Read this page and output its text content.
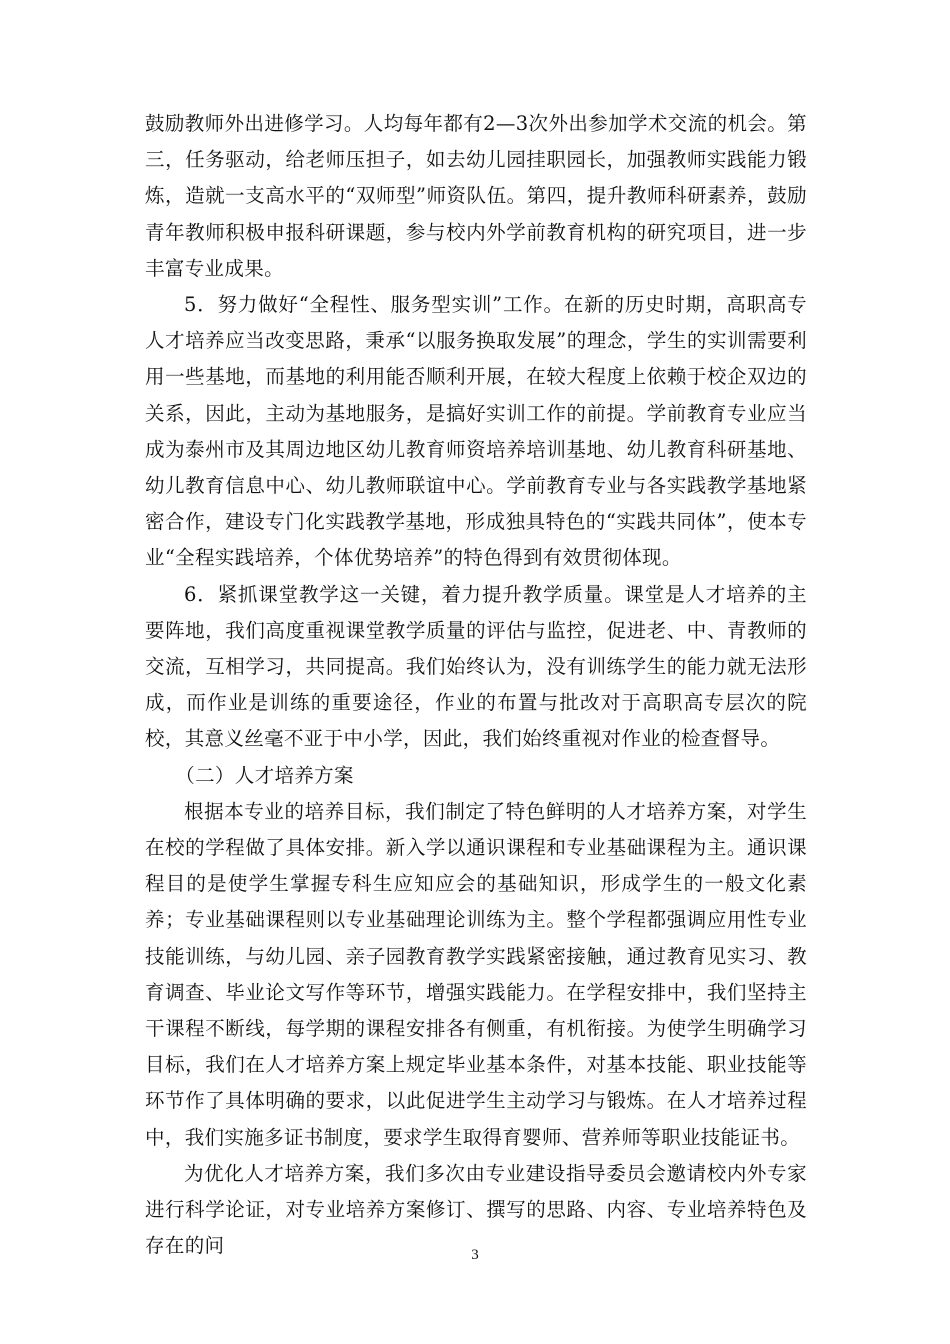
鼓励教师外出进修学习。人均每年都有2—3次外出参加学术交流的机会。第三，任务驱动，给老师压担子，如去幼儿园挂职园长，加强教师实践能力锻炼，造就一支高水平的“双师型”师资队伍。第四，提升教师科研素养，鼓励青年教师积极申报科研课题，参与校内外学前教育机构的研究项目，进一步丰富专业成果。

5．努力做好“全程性、服务型实训”工作。在新的历史时期，高职高专人才培养应当改变思路，秉承“以服务换取发展”的理念，学生的实训需要利用一些基地，而基地的利用能否顺利开展，在较大程度上依赖于校企双边的关系，因此，主动为基地服务，是搞好实训工作的前提。学前教育专业应当成为泰州市及其周边地区幼儿教育师资培养培训基地、幼儿教育科研基地、幼儿教育信息中心、幼儿教师联谊中心。学前教育专业与各实践教学基地紧密合作，建设专门化实践教学基地，形成独具特色的“实践共同体”，使本专业“全程实践培养，个体优势培养”的特色得到有效贯彻体现。

6．紧抓课堂教学这一关键，着力提升教学质量。课堂是人才培养的主要阵地，我们高度重视课堂教学质量的评估与监控，促进老、中、青教师的交流，互相学习，共同提高。我们始终认为，没有训练学生的能力就无法形成，而作业是训练的重要途径，作业的布置与批改对于高职高专层次的院校，其意义丝毫不亚于中小学，因此，我们始终重视对作业的检查督导。

（二）人才培养方案

根据本专业的培养目标，我们制定了特色鲜明的人才培养方案，对学生在校的学程做了具体安排。新入学以通识课程和专业基础课程为主。通识课程目的是使学生掌握专科生应知应会的基础知识，形成学生的一般文化素养；专业基础课程则以专业基础理论训练为主。整个学程都强调应用性专业技能训练，与幼儿园、亲子园教育教学实践紧密接触，通过教育见实习、教育调查、毕业论文写作等环节，增强实践能力。在学程安排中，我们坚持主干课程不断线，每学期的课程安排各有侧重，有机衔接。为使学生明确学习目标，我们在人才培养方案上规定毕业基本条件，对基本技能、职业技能等环节作了具体明确的要求，以此促进学生主动学习与锻炼。在人才培养过程中，我们实施多证书制度，要求学生取得育婴师、营养师等职业技能证书。

为优化人才培养方案，我们多次由专业建设指导委员会邀请校内外专家进行科学论证，对专业培养方案修订、撰写的思路、内容、专业培养特色及存在的问	3
